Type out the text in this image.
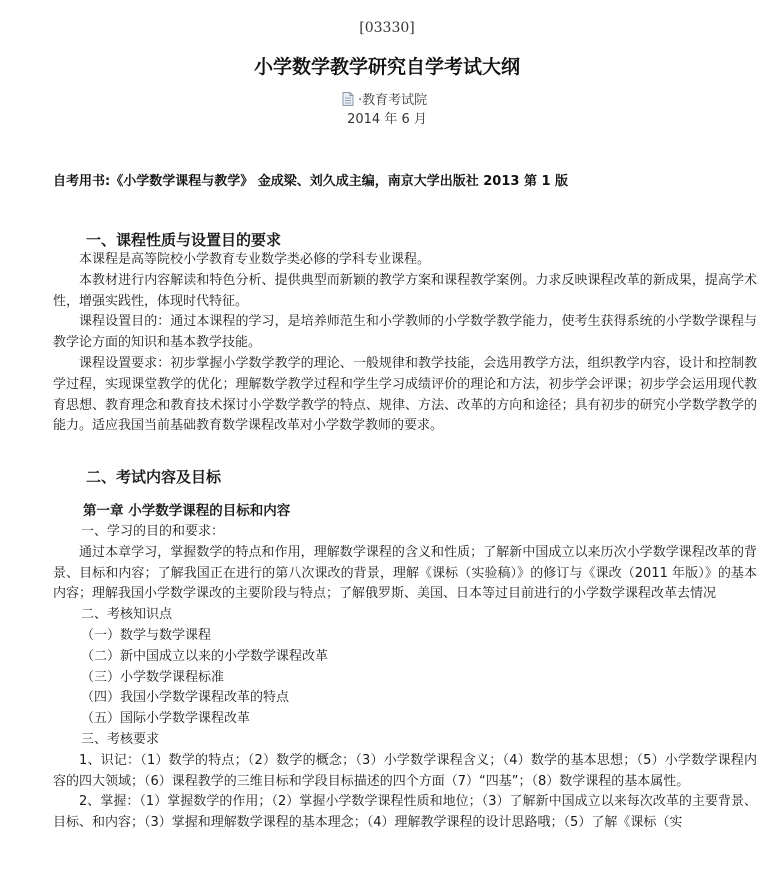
[03330]
小学数学教学研究自学考试大纲
·教育考试院
2014 年 6 月
自考用书:《小学数学课程与教学》 金成梁、刘久成主编，南京大学出版社 2013 第 1 版

一、课程性质与设置目的要求

本课程是高等院校小学教育专业数学类必修的学科专业课程。

本教材进行内容解读和特色分析、提供典型而新颖的教学方案和课程教学案例。力求反映课程改革的新成果，提高学术性，增强实践性，体现时代特征。

课程设置目的：通过本课程的学习，是培养师范生和小学教师的小学数学教学能力，使考生获得系统的小学数学课程与教学论方面的知识和基本教学技能。

课程设置要求：初步掌握小学数学教学的理论、一般规律和教学技能，会选用教学方法，组织教学内容，设计和控制教学过程，实现课堂教学的优化；理解数学教学过程和学生学习成绩评价的理论和方法，初步学会评课；初步学会运用现代教育思想、教育理念和教育技术探讨小学数学教学的特点、规律、方法、改革的方向和途径；具有初步的研究小学数学教学的能力。适应我国当前基础教育数学课程改革对小学数学教师的要求。

二、考试内容及目标

第一章 小学数学课程的目标和内容

一、学习的目的和要求：

通过本章学习，掌握数学的特点和作用，理解数学课程的含义和性质；了解新中国成立以来历次小学数学课程改革的背景、目标和内容；了解我国正在进行的第八次课改的背景，理解《课标（实验稿）》的修订与《课改（2011 年版）》的基本内容；理解我国小学数学课改的主要阶段与特点；了解俄罗斯、美国、日本等过目前进行的小学数学课程改革去情况

二、考核知识点

（一）数学与数学课程

（二）新中国成立以来的小学数学课程改革

（三）小学数学课程标准

（四）我国小学数学课程改革的特点

（五）国际小学数学课程改革

三、考核要求

1、识记：（1）数学的特点；（2）数学的概念；（3）小学数学课程含义；（4）数学的基本思想；（5）小学数学课程内容的四大领域；（6）课程教学的三维目标和学段目标描述的四个方面（7）“四基”；（8）数学课程的基本属性。

2、掌握：（1）掌握数学的作用；（2）掌握小学数学课程性质和地位；（3）了解新中国成立以来每次改革的主要背景、目标、和内容；（3）掌握和理解数学课程的基本理念；（4）理解教学课程的设计思路哦；（5）了解《课标（实
